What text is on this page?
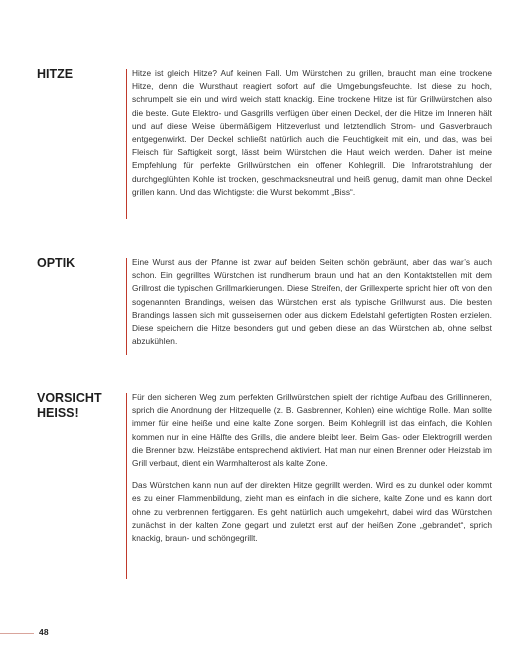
HITZE	Hitze ist gleich Hitze? Auf keinen Fall. Um Würstchen zu grillen, braucht man eine trockene Hitze, denn die Wursthaut reagiert sofort auf die Umgebungsfeuchte. Ist diese zu hoch, schrumpelt sie ein und wird weich statt knackig. Eine trockene Hitze ist für Grillwürstchen also die beste. Gute Elektro- und Gasgrills verfügen über einen Deckel, der die Hitze im Inneren hält und auf diese Weise übermäßigem Hitzeverlust und letztendlich Strom- und Gasverbrauch entgegenwirkt. Der Deckel schließt natürlich auch die Feuchtigkeit mit ein, und das, was bei Fleisch für Saftigkeit sorgt, lässt beim Würstchen die Haut weich werden. Daher ist meine Empfehlung für perfekte Grillwürstchen ein offener Kohlegrill. Die Infrarotstrahlung der durchgeglühten Kohle ist trocken, geschmacksneutral und heiß genug, damit man ohne Deckel grillen kann. Und das Wichtigste: die Wurst bekommt „Biss“.

OPTIK	Eine Wurst aus der Pfanne ist zwar auf beiden Seiten schön gebräunt, aber das war’s auch schon. Ein gegrilltes Würstchen ist rundherum braun und hat an den Kontaktstellen mit dem Grillrost die typischen Grillmarkierungen. Diese Streifen, der Grillexperte spricht hier oft von den sogenannten Brandings, weisen das Würstchen erst als typische Grillwurst aus. Die besten Brandings lassen sich mit gusseisernen oder aus dickem Edelstahl gefertigten Rosten erzielen. Diese speichern die Hitze besonders gut und geben diese an das Würstchen ab, ohne selbst abzukühlen.

VORSICHT
HEISS!

Für den sicheren Weg zum perfekten Grillwürstchen spielt der richtige Aufbau des Grillinneren, sprich die Anordnung der Hitzequelle (z. B. Gasbrenner, Kohlen) eine wichtige Rolle. Man sollte immer für eine heiße und eine kalte Zone sorgen. Beim Kohlegrill ist das einfach, die Kohlen kommen nur in eine Hälfte des Grills, die andere bleibt leer. Beim Gas- oder Elektrogrill werden die Brenner bzw. Heizstäbe entsprechend aktiviert. Hat man nur einen Brenner oder Heizstab im Grill verbaut, dient ein Warmhalterost als kalte Zone.

Das Würstchen kann nun auf der direkten Hitze gegrillt werden. Wird es zu dunkel oder kommt es zu einer Flammenbildung, zieht man es einfach in die sichere, kalte Zone und es kann dort ohne zu verbrennen fertiggaren. Es geht natürlich auch umgekehrt, dabei wird das Würstchen zunächst in der kalten Zone gegart und zuletzt erst auf der heißen Zone „gebrandet“, sprich knackig, braun- und schöngegrillt.

48
